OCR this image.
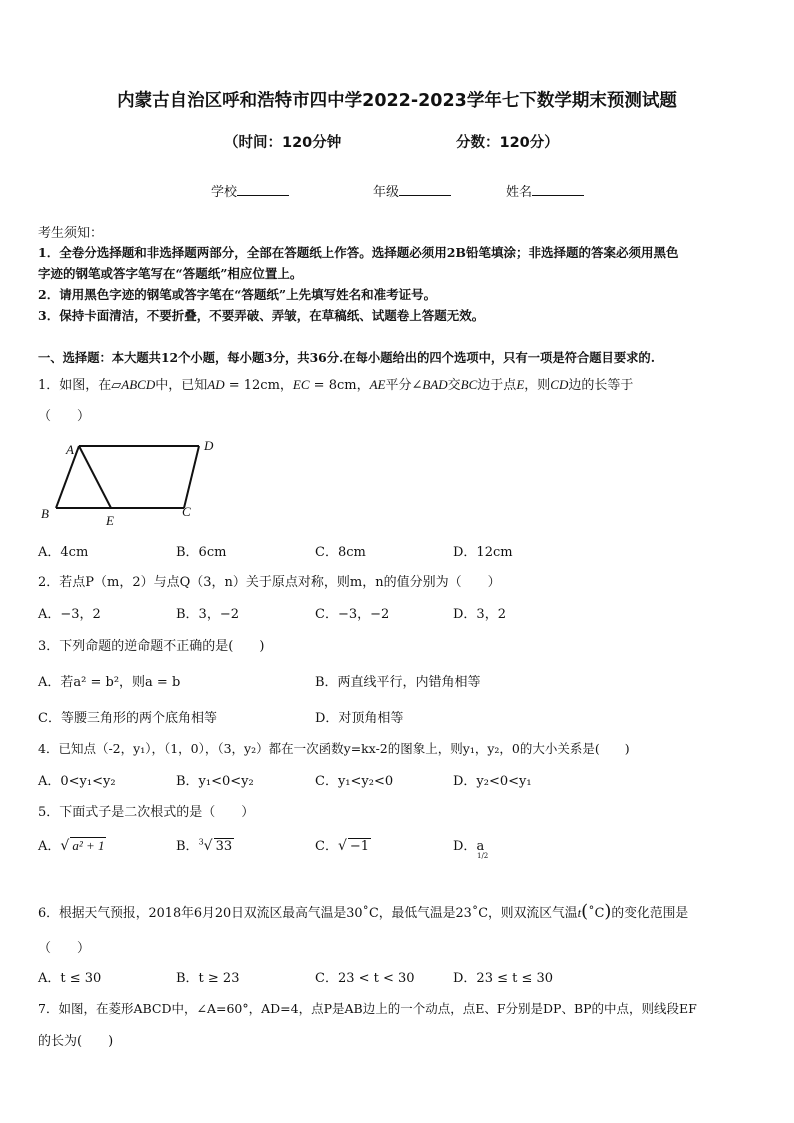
内蒙古自治区呼和浩特市四中学2022-2023学年七下数学期末预测试题
（时间：120分钟	分数：120分）
学校	年级	姓名
考生须知：
1．全卷分选择题和非选择题两部分，全部在答题纸上作答。选择题必须用2B铅笔填涂；非选择题的答案必须用黑色
字迹的钢笔或答字笔写在“答题纸”相应位置上。
2．请用黑色字迹的钢笔或答字笔在“答题纸”上先填写姓名和准考证号。
3．保持卡面清洁，不要折叠，不要弄破、弄皱，在草稿纸、试题卷上答题无效。
一、选择题：本大题共12个小题，每小题3分，共36分.在每小题给出的四个选项中，只有一项是符合题目要求的.
1．如图，在▱ABCD中，已知AD = 12cm，EC = 8cm，AE平分∠BAD交BC边于点E，则CD边的长等于
（　　）
A	D
B	E
C
A．4cm	B．6cm	C．8cm	D．12cm
2．若点P（m，2）与点Q（3，n）关于原点对称，则m，n的值分别为（　　）
A．−3，2	B．3，−2	C．−3，−2	D．3，2
3．下列命题的逆命题不正确的是(　　)
A．若a² = b²，则a = b	B．两直线平行，内错角相等
C．等腰三角形的两个底角相等	D．对顶角相等
4．已知点（-2，y₁），（1，0），（3，y₂）都在一次函数y=kx-2的图象上，则y₁，y₂，0的大小关系是(　　)
A．0<y₁<y₂	B．y₁<0<y₂	C．y₁<y₂<0	D．y₂<0<y₁
5．下面式子是二次根式的是（　　）
A．√ a² + 1	B．$^3$√ 33	C．√ −1	D．a
1/2
6．根据天气预报，2018年6月20日双流区最高气温是30˚C，最低气温是23˚C，则双流区气温t(˚C)的变化范围是
（　　）
A．t ≤ 30	B．t ≥ 23	C．23 < t < 30	D．23 ≤ t ≤ 30
7．如图，在菱形ABCD中，∠A=60°，AD=4，点P是AB边上的一个动点，点E、F分别是DP、BP的中点，则线段EF
的长为(　　)
